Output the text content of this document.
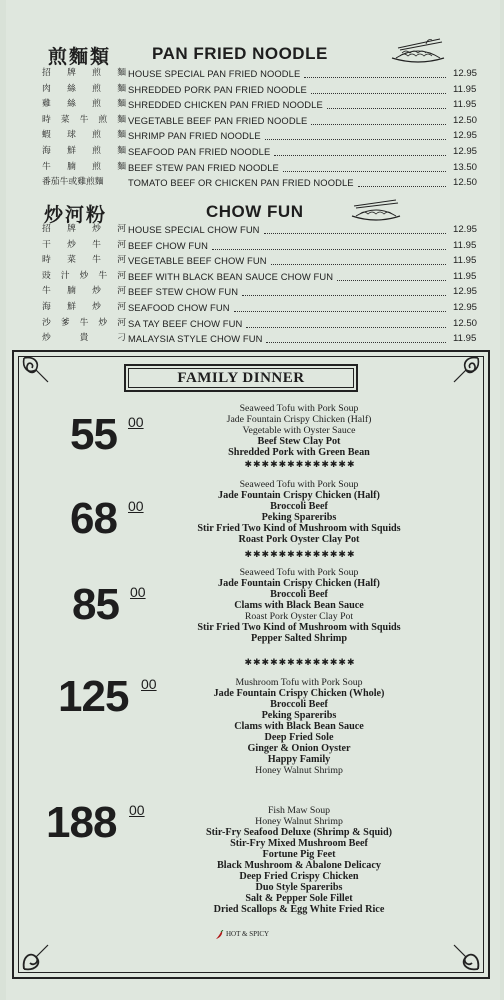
煎麵類 PAN FRIED NOODLE
招 牌 煎 麵 HOUSE SPECIAL PAN FRIED NOODLE	12.95
肉 絲 煎 麵 SHREDDED PORK PAN FRIED NOODLE	11.95
雞 絲 煎 麵 SHREDDED CHICKEN PAN FRIED NOODLE	11.95
時 菜 牛 煎 麵 VEGETABLE BEEF PAN FRIED NOODLE	12.50
蝦 球 煎 麵 SHRIMP PAN FRIED NOODLE	12.95
海 鮮 煎 麵 SEAFOOD PAN FRIED NOODLE	12.95
牛 腩 煎 麵 BEEF STEW PAN FRIED NOODLE	13.50
番茄牛或雞煎麵	TOMATO BEEF OR CHICKEN PAN FRIED NOODLE	12.50
炒河粉	CHOW FUN
招 牌 炒 河 HOUSE SPECIAL CHOW FUN	12.95
干 炒 牛 河 BEEF CHOW FUN	11.95
時 菜 牛 河 VEGETABLE BEEF CHOW FUN	11.95
豉 汁 炒 牛 河 BEEF WITH BLACK BEAN SAUCE CHOW FUN	11.95
牛 腩 炒 河 BEEF STEW CHOW FUN	12.95
海 鮮 炒 河 SEAFOOD CHOW FUN	12.95
沙 爹 牛 炒 河 SA TAY BEEF CHOW FUN	12.50
炒	貴	刁 MALAYSIA STYLE CHOW FUN	11.95
FAMILY DINNER
55 00
Seaweed Tofu with Pork Soup
Jade Fountain Crispy Chicken (Half)
Vegetable with Oyster Sauce
Beef Stew Clay Pot
Shredded Pork with Green Bean
✱✱✱✱✱✱✱✱✱✱✱✱✱
68 00
Seaweed Tofu with Pork Soup
Jade Fountain Crispy Chicken (Half)
Broccoli Beef
Peking Spareribs
Stir Fried Two Kind of Mushroom with Squids
Roast Pork Oyster Clay Pot
✱✱✱✱✱✱✱✱✱✱✱✱✱
85 00
Seaweed Tofu with Pork Soup
Jade Fountain Crispy Chicken (Half)
Broccoli Beef
Clams with Black Bean Sauce
Roast Pork Oyster Clay Pot
Stir Fried Two Kind of Mushroom with Squids
Pepper Salted Shrimp
✱✱✱✱✱✱✱✱✱✱✱✱✱
125 00	Mushroom Tofu with Pork Soup
Jade Fountain Crispy Chicken (Whole)
Broccoli Beef
Peking Spareribs
Clams with Black Bean Sauce
Deep Fried Sole
Ginger & Onion Oyster
Happy Family
Honey Walnut Shrimp
188 00	Fish Maw Soup
Honey Walnut Shrimp
Stir-Fry Seafood Deluxe (Shrimp & Squid)
Stir-Fry Mixed Mushroom Beef
Fortune Pig Feet
Black Mushroom & Abalone Delicacy
Deep Fried Crispy Chicken
Duo Style Spareribs
Salt & Pepper Sole Fillet
Dried Scallops & Egg White Fried Rice
HOT & SPICY
